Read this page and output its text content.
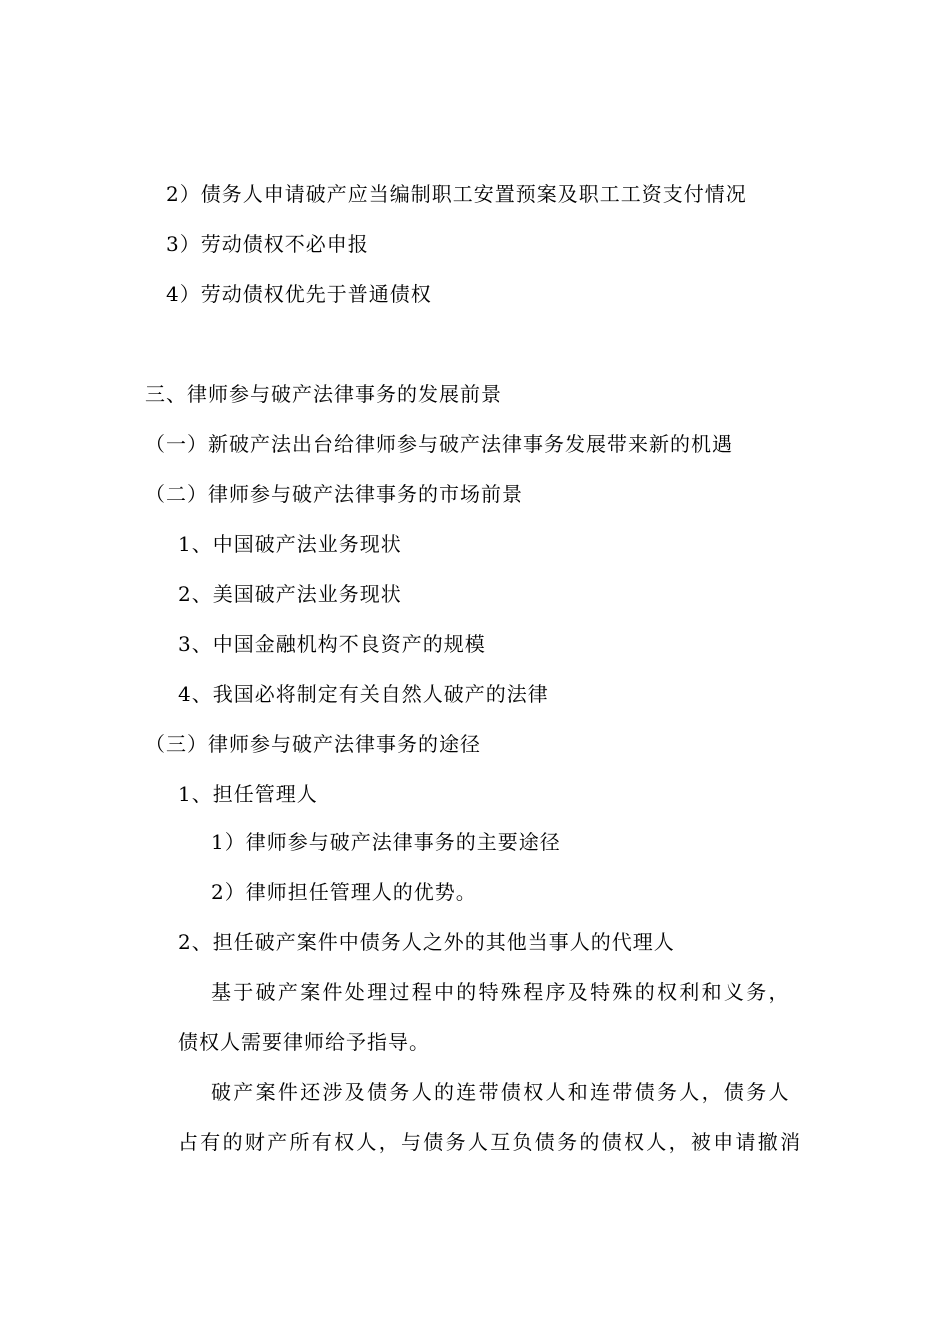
2）债务人申请破产应当编制职工安置预案及职工工资支付情况
3）劳动债权不必申报
4）劳动债权优先于普通债权
三、律师参与破产法律事务的发展前景
（一）新破产法出台给律师参与破产法律事务发展带来新的机遇
（二）律师参与破产法律事务的市场前景
1、中国破产法业务现状
2、美国破产法业务现状
3、中国金融机构不良资产的规模
4、我国必将制定有关自然人破产的法律
（三）律师参与破产法律事务的途径
1、担任管理人
1）律师参与破产法律事务的主要途径
2）律师担任管理人的优势。
2、担任破产案件中债务人之外的其他当事人的代理人
基于破产案件处理过程中的特殊程序及特殊的权利和义务，
债权人需要律师给予指导。
破产案件还涉及债务人的连带债权人和连带债务人，债务人
占有的财产所有权人，与债务人互负债务的债权人，被申请撤消
